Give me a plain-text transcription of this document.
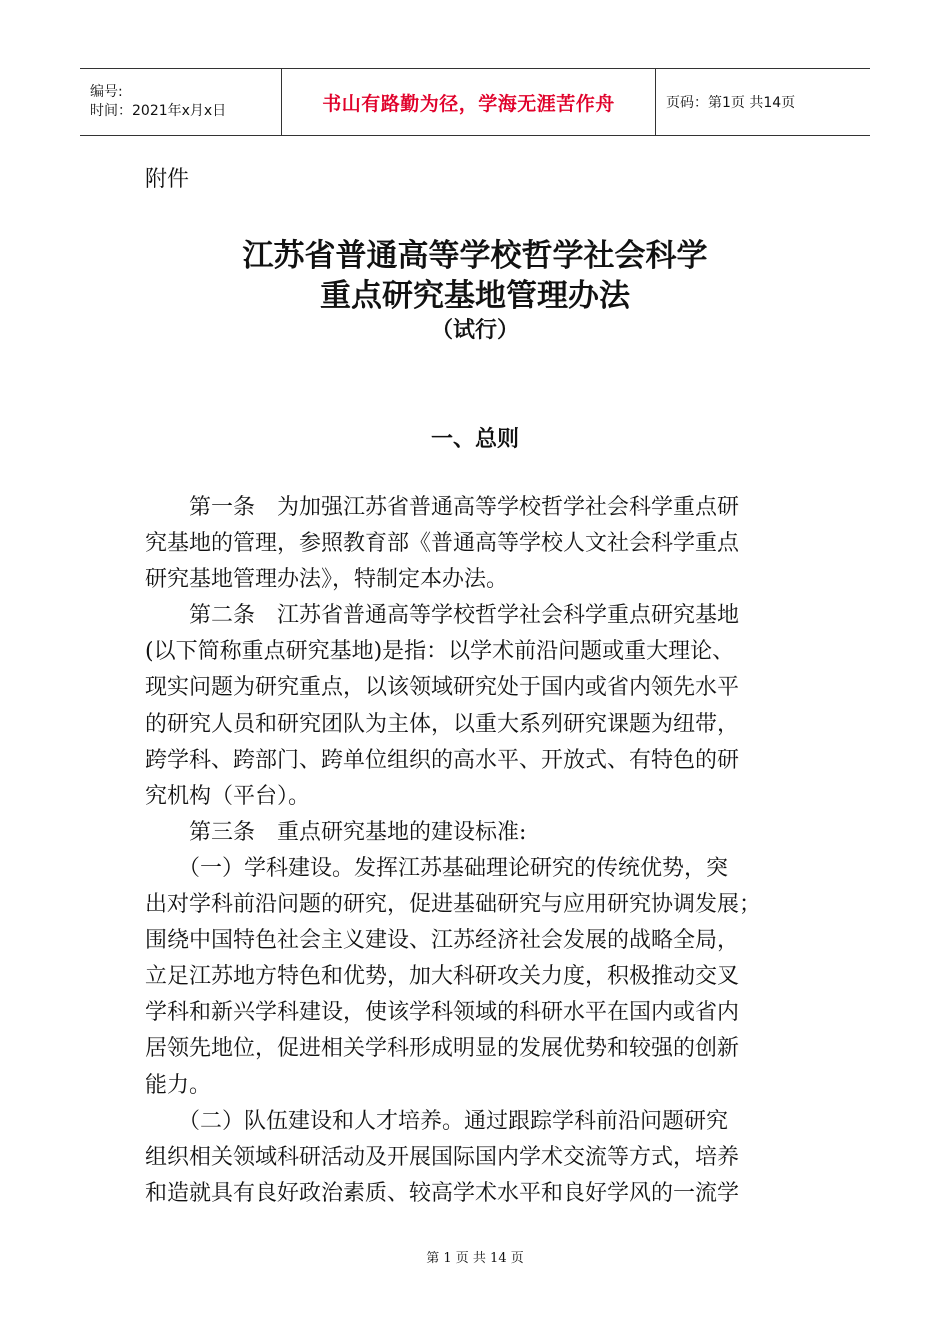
编号:
时间：2021年x月x日	书山有路勤为径，学海无涯苦作舟	页码：第1页 共14页
附件
江苏省普通高等学校哲学社会科学
重点研究基地管理办法
（试行）
一、总则
　　第一条　为加强江苏省普通高等学校哲学社会科学重点研
究基地的管理，参照教育部《普通高等学校人文社会科学重点
研究基地管理办法》，特制定本办法。
　　第二条　江苏省普通高等学校哲学社会科学重点研究基地
(以下简称重点研究基地)是指：以学术前沿问题或重大理论、
现实问题为研究重点，以该领域研究处于国内或省内领先水平
的研究人员和研究团队为主体，以重大系列研究课题为纽带，
跨学科、跨部门、跨单位组织的高水平、开放式、有特色的研
究机构（平台）。
　　第三条　重点研究基地的建设标准:
　　（一）学科建设。发挥江苏基础理论研究的传统优势，突
出对学科前沿问题的研究，促进基础研究与应用研究协调发展；
围绕中国特色社会主义建设、江苏经济社会发展的战略全局，
立足江苏地方特色和优势，加大科研攻关力度，积极推动交叉
学科和新兴学科建设，使该学科领域的科研水平在国内或省内
居领先地位，促进相关学科形成明显的发展优势和较强的创新
能力。
　　（二）队伍建设和人才培养。通过跟踪学科前沿问题研究
组织相关领域科研活动及开展国际国内学术交流等方式，培养
和造就具有良好政治素质、较高学术水平和良好学风的一流学
第 1 页 共 14 页
